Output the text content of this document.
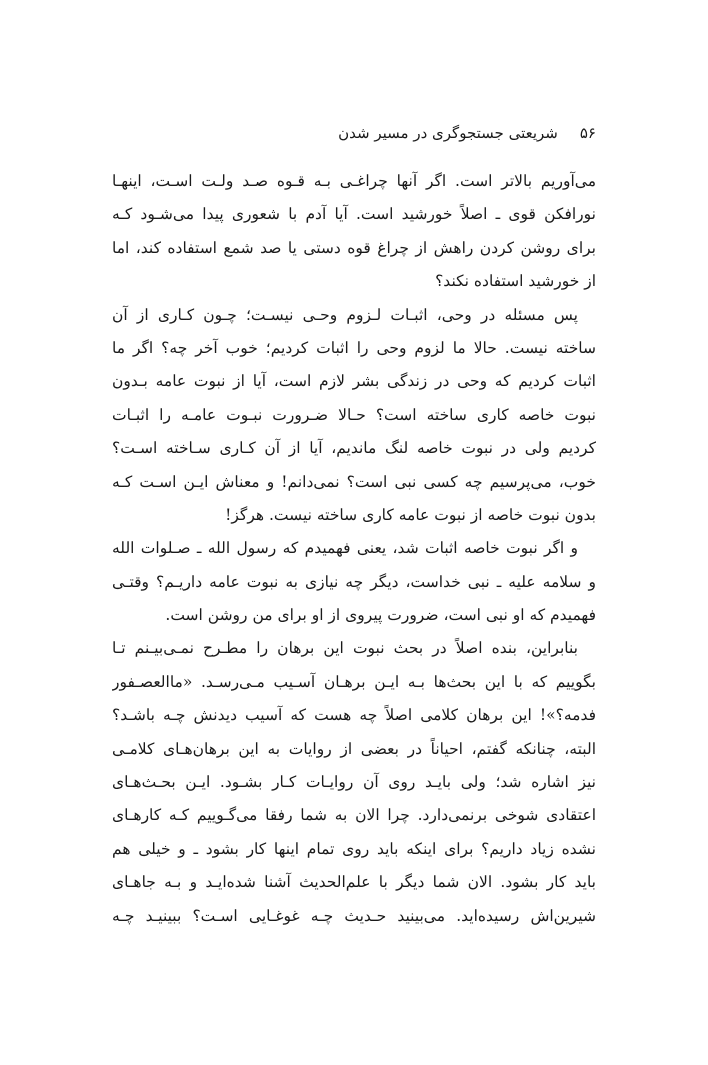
۵۶
شریعتی جستجوگری در مسیر شدن
می‌آوریم بالاتر است. اگر آنها چراغـی بـه قـوه صـد ولـت اسـت، اینهـا
نورافکن قوی ـ اصلاً خورشید است. آیا آدم با شعوری پیدا می‌شـود کـه
برای روشن کردن راهش از چراغ قوه دستی یا صد شمع استفاده کند، اما
از خورشید استفاده نکند؟
پس مسئله در وحی، اثبـات لـزوم وحـی نیسـت؛ چـون کـاری از آن
ساخته نیست. حالا ما لزوم وحی را اثبات کردیم؛ خوب آخر چه؟ اگر ما
اثبات کردیم که وحی در زندگی بشر لازم است، آیا از نبوت عامه بـدون
نبوت خاصه کاری ساخته است؟ حـالا ضـرورت نبـوت عامـه را اثبـات
کردیم ولی در نبوت خاصه لنگ ماندیم، آیا از آن کـاری سـاخته اسـت؟
خوب، می‌پرسیم چه کسی نبی است؟ نمی‌دانم! و معناش ایـن اسـت کـه
بدون نبوت خاصه از نبوت عامه کاری ساخته نیست. هرگز!
و اگر نبوت خاصه اثبات شد، یعنی فهمیدم که رسول الله ـ صـلوات الله
و سلامه علیه ـ نبی خداست، دیگر چه نیازی به نبوت عامه داریـم؟ وقتـی
فهمیدم که او نبی است، ضرورت پیروی از او برای من روشن است.
بنابراین، بنده اصلاً در بحث نبوت این برهان را مطـرح نمـی‌بیـنم تـا
بگوییم که با این بحث‌ها بـه ایـن برهـان آسـیب مـی‌رسـد. «ماالعصـفور
فدمه؟»! این برهان کلامی اصلاً چه هست که آسیب دیدنش چـه باشـد؟
البته، چنانکه گفتم، احیاناً در بعضی از روایات به این برهان‌هـای کلامـی
نیز اشاره شد؛ ولی بایـد روی آن روایـات کـار بشـود. ایـن بحـث‌هـای
اعتقادی شوخی برنمی‌دارد. چرا الان به شما رفقا می‌گـوییم کـه کارهـای
نشده زیاد داریم؟ برای اینکه باید روی تمام اینها کار بشود ـ و خیلی هم
باید کار بشود. الان شما دیگر با علم‌الحدیث آشنا شده‌ایـد و بـه جاهـای
شیرین‌اش رسیده‌اید. می‌بینید حـدیث چـه غوغـایی اسـت؟ ببینیـد چـه
